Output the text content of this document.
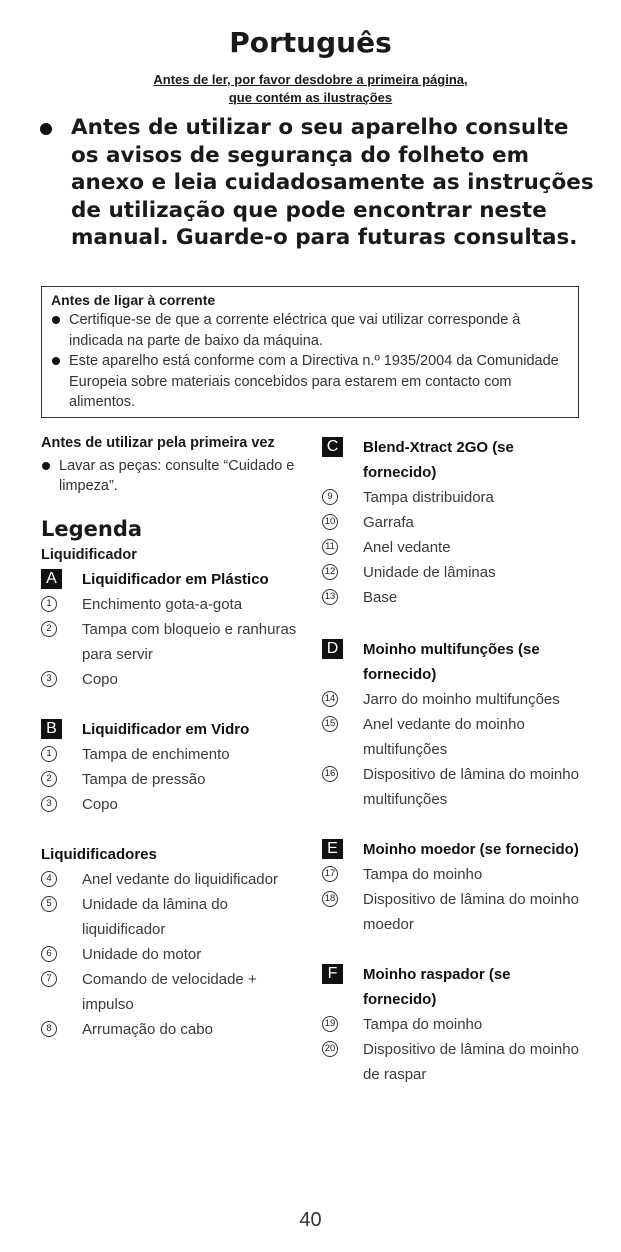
Português
Antes de ler, por favor desdobre a primeira página,
que contém as ilustrações

Antes de utilizar o seu aparelho consulte os avisos de segurança do folheto em anexo e leia cuidadosamente as instruções de utilização que pode encontrar neste manual. Guarde-o para futuras consultas.

Antes de ligar à corrente
Certifique-se de que a corrente eléctrica que vai utilizar corresponde à indicada na parte de baixo da máquina.
Este aparelho está conforme com a Directiva n.º 1935/2004 da Comunidade Europeia sobre materiais concebidos para estarem em contacto com alimentos.
Antes de utilizar pela primeira vez
Lavar as peças: consulte “Cuidado e limpeza”.
Legenda
Liquidificador
A	Liquidificador em Plástico
1	Enchimento gota-a-gota
2	Tampa com bloqueio e ranhuras para servir
3	Copo
B	Liquidificador em Vidro
1	Tampa de enchimento
2	Tampa de pressão
3	Copo
Liquidificadores
4	Anel vedante do liquidificador
5	Unidade da lâmina do liquidificador
6	Unidade do motor
7	Comando de velocidade + impulso
8	Arrumação do cabo
C	Blend-Xtract 2GO (se fornecido)
9	Tampa distribuidora
10 Garrafa
11 Anel vedante
12 Unidade de lâminas
13 Base
D	Moinho multifunções (se fornecido)
14 Jarro do moinho multifunções
15 Anel vedante do moinho multifunções
16 Dispositivo de lâmina do moinho multifunções
E	Moinho moedor (se fornecido)
17 Tampa do moinho
18 Dispositivo de lâmina do moinho moedor
F	Moinho raspador (se fornecido)
19 Tampa do moinho
20 Dispositivo de lâmina do moinho de raspar
40
